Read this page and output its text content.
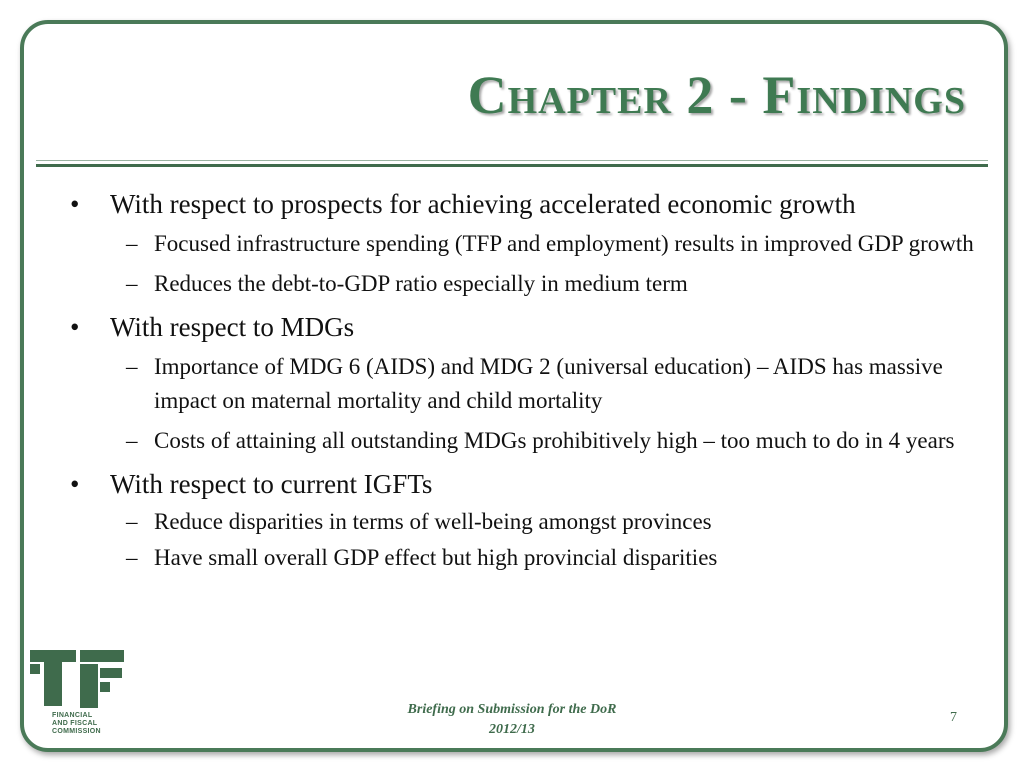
Chapter 2 - Findings
• With respect to prospects for achieving accelerated economic growth
– Focused infrastructure spending (TFP and employment) results in improved GDP growth
– Reduces the debt-to-GDP ratio especially in medium term
• With respect to MDGs
– Importance of MDG 6 (AIDS) and MDG 2 (universal education) – AIDS has massive impact on maternal mortality and child mortality
– Costs of attaining all outstanding MDGs prohibitively high – too much to do in 4 years
• With respect to current IGFTs
– Reduce disparities in terms of well-being amongst provinces
– Have small overall GDP effect but high provincial disparities
FINANCIAL
AND FISCAL
COMMISSION
Briefing on Submission for the DoR
2012/13
7
